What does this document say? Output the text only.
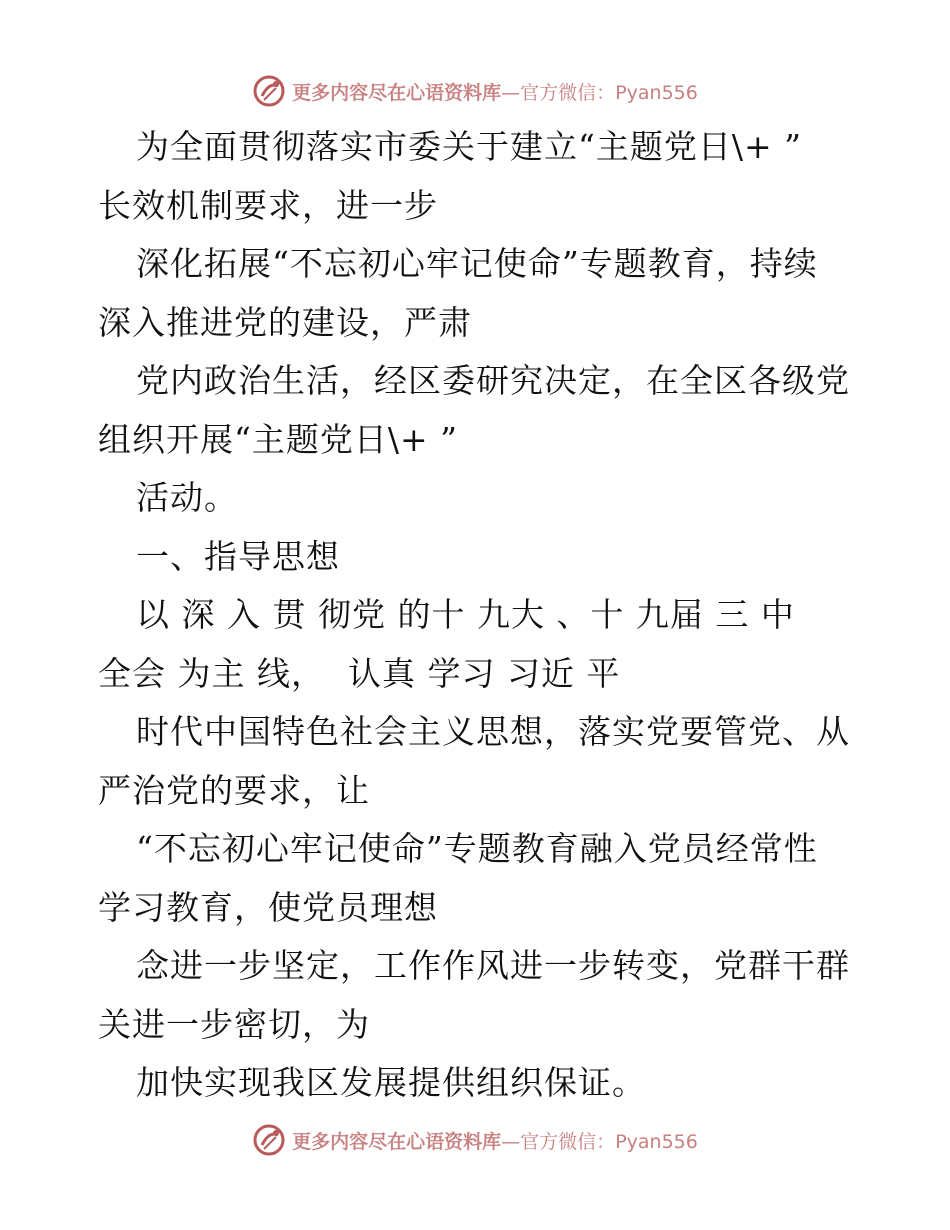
更多内容尽在心语资料库—官方微信：Pyan556
为全面贯彻落实市委关于建立“主题党日\+ ”
长效机制要求，进一步
深化拓展“不忘初心牢记使命”专题教育，持续
深入推进党的建设，严肃
党内政治生活，经区委研究决定，在全区各级党
组织开展“主题党日\+ ”
活动。
一、指导思想
以 深 入 贯 彻党 的十 九大 、十 九届 三 中
全会 为主 线，  认真 学习 习近 平
时代中国特色社会主义思想，落实党要管党、从
严治党的要求，让
“不忘初心牢记使命”专题教育融入党员经常性
学习教育，使党员理想
念进一步坚定，工作作风进一步转变，党群干群
关进一步密切，为
加快实现我区发展提供组织保证。
更多内容尽在心语资料库—官方微信：Pyan556
